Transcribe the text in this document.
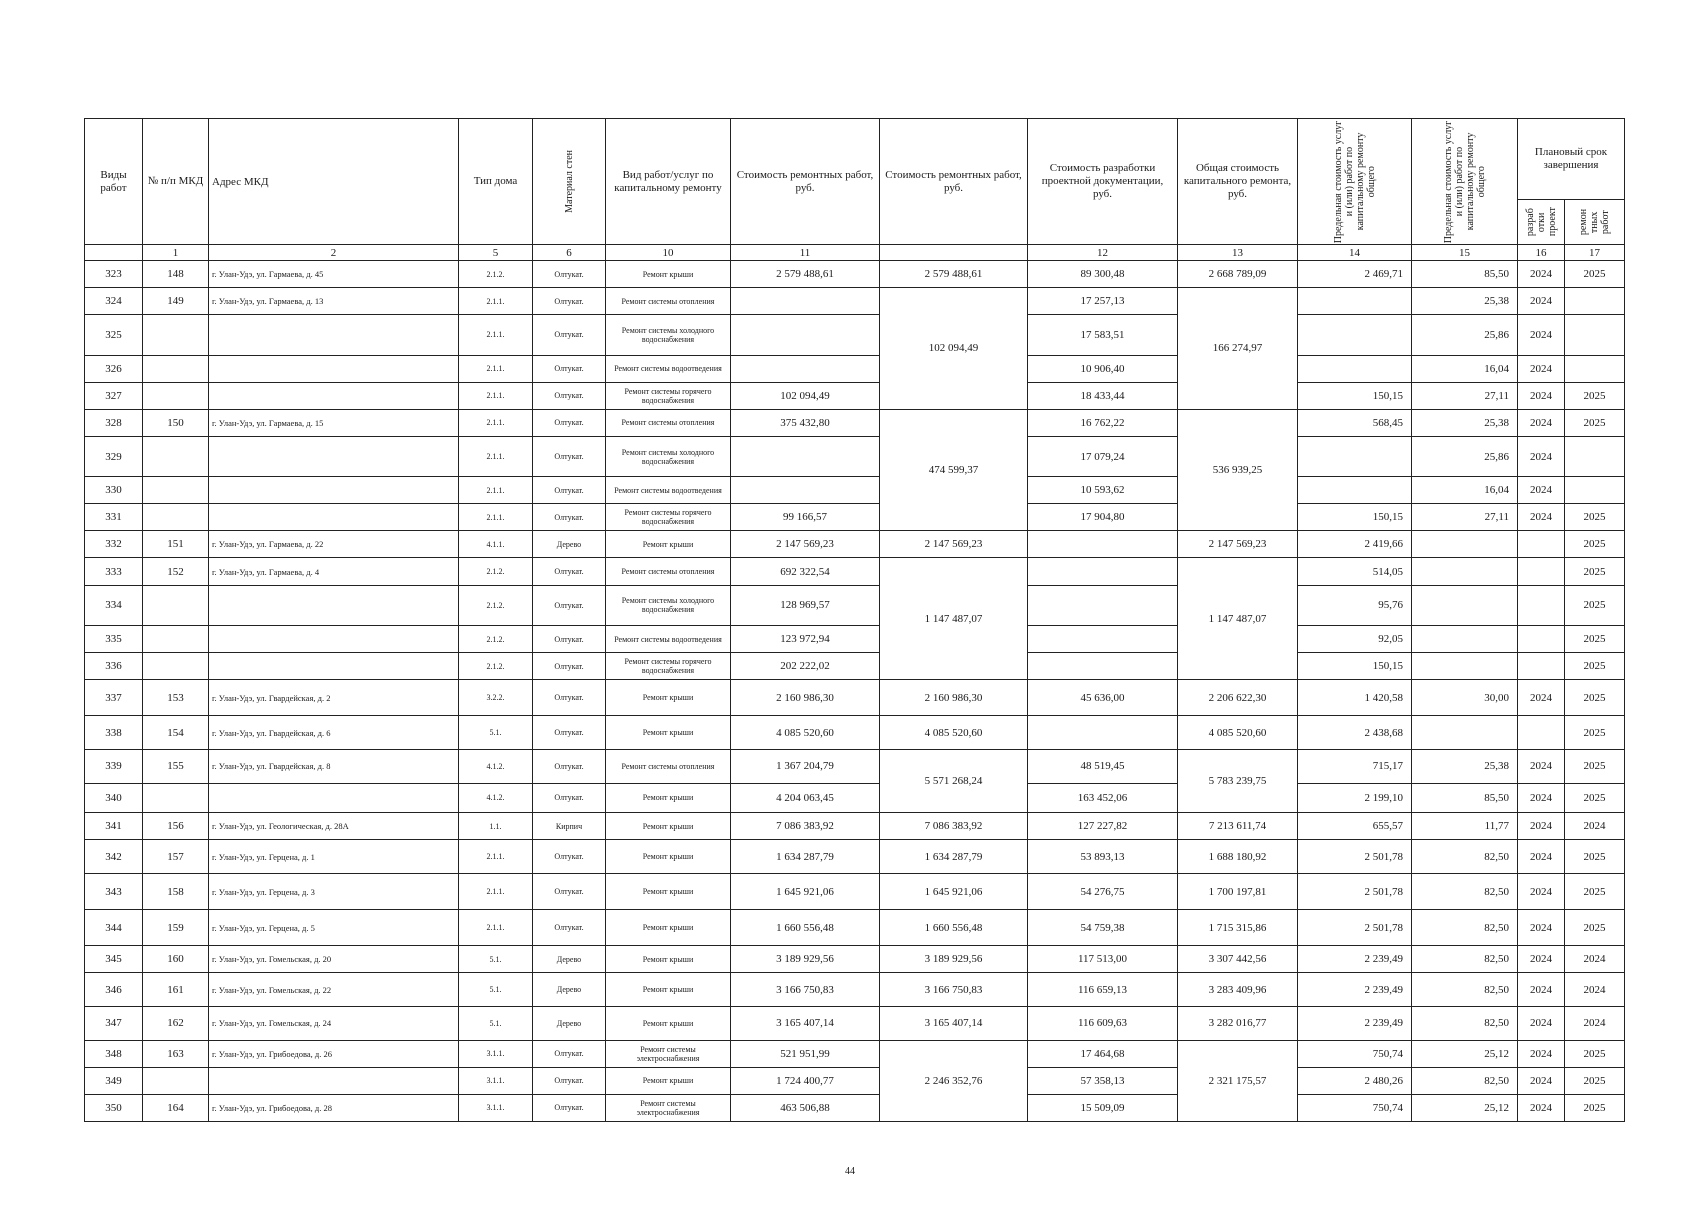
Виды работ	№ п/п МКД	Адрес МКД	Тип дома	Материал стен	Вид работ/услуг по капитальному ремонту	Стоимость ремонтных работ, руб.	Стоимость ремонтных работ, руб.	Стоимость разработки проектной документации, руб.	Общая стоимость капитального ремонта, руб.	Предельная стоимость услуг и (или) работ по капитальному ремонту общего	Предельная стоимость услуг и (или) работ по капитальному ремонту общего	Плановый срок завершения	

												разраб отки проект	ремон тных работ

	1	2	5	6	10	11		12	13	14	15	16	17
323	148	г. Улан-Удэ, ул. Гармаева, д. 45	2.1.2.	Олтукат.	Ремонт крыши	2 579 488,61	2 579 488,61	89 300,48	2 668 789,09	2 469,71	85,50	2024	2025
324	149	г. Улан-Удэ, ул. Гармаева, д. 13	2.1.1.	Олтукат.	Ремонт системы отопления		102 094,49	17 257,13	166 274,97		25,38	2024	
325			2.1.1.	Олтукат.	Ремонт системы холодного водоснабжения			17 583,51			25,86	2024	
326			2.1.1.	Олтукат.	Ремонт системы водоотведения			10 906,40			16,04	2024	
327			2.1.1.	Олтукат.	Ремонт системы горячего водоснабжения	102 094,49		18 433,44		150,15	27,11	2024	2025
328	150	г. Улан-Удэ, ул. Гармаева, д. 15	2.1.1.	Олтукат.	Ремонт системы отопления	375 432,80	474 599,37	16 762,22	536 939,25	568,45	25,38	2024	2025
329			2.1.1.	Олтукат.	Ремонт системы холодного водоснабжения			17 079,24			25,86	2024	
330			2.1.1.	Олтукат.	Ремонт системы водоотведения			10 593,62			16,04	2024	
331			2.1.1.	Олтукат.	Ремонт системы горячего водоснабжения	99 166,57		17 904,80		150,15	27,11	2024	2025
332	151	г. Улан-Удэ, ул. Гармаева, д. 22	4.1.1.	Дерево	Ремонт крыши	2 147 569,23	2 147 569,23		2 147 569,23	2 419,66			2025
333	152	г. Улан-Удэ, ул. Гармаева, д. 4	2.1.2.	Олтукат.	Ремонт системы отопления	692 322,54	1 147 487,07		1 147 487,07	514,05			2025
334			2.1.2.	Олтукат.	Ремонт системы холодного водоснабжения	128 969,57				95,76			2025
335			2.1.2.	Олтукат.	Ремонт системы водоотведения	123 972,94				92,05			2025
336			2.1.2.	Олтукат.	Ремонт системы горячего водоснабжения	202 222,02				150,15			2025
337	153	г. Улан-Удэ, ул. Гвардейская, д. 2	3.2.2.	Олтукат.	Ремонт крыши	2 160 986,30	2 160 986,30	45 636,00	2 206 622,30	1 420,58	30,00	2024	2025
338	154	г. Улан-Удэ, ул. Гвардейская, д. 6	5.1.	Олтукат.	Ремонт крыши	4 085 520,60	4 085 520,60		4 085 520,60	2 438,68			2025
339	155	г. Улан-Удэ, ул. Гвардейская, д. 8	4.1.2.	Олтукат.	Ремонт системы отопления	1 367 204,79	5 571 268,24	48 519,45	5 783 239,75	715,17	25,38	2024	2025
340			4.1.2.	Олтукат.	Ремонт крыши	4 204 063,45		163 452,06		2 199,10	85,50	2024	2025
341	156	г. Улан-Удэ, ул. Геологическая, д. 28А	1.1.	Кирпич	Ремонт крыши	7 086 383,92	7 086 383,92	127 227,82	7 213 611,74	655,57	11,77	2024	2024
342	157	г. Улан-Удэ, ул. Герцена, д. 1	2.1.1.	Олтукат.	Ремонт крыши	1 634 287,79	1 634 287,79	53 893,13	1 688 180,92	2 501,78	82,50	2024	2025
343	158	г. Улан-Удэ, ул. Герцена, д. 3	2.1.1.	Олтукат.	Ремонт крыши	1 645 921,06	1 645 921,06	54 276,75	1 700 197,81	2 501,78	82,50	2024	2025
344	159	г. Улан-Удэ, ул. Герцена, д. 5	2.1.1.	Олтукат.	Ремонт крыши	1 660 556,48	1 660 556,48	54 759,38	1 715 315,86	2 501,78	82,50	2024	2025
345	160	г. Улан-Удэ, ул. Гомельская, д. 20	5.1.	Дерево	Ремонт крыши	3 189 929,56	3 189 929,56	117 513,00	3 307 442,56	2 239,49	82,50	2024	2024
346	161	г. Улан-Удэ, ул. Гомельская, д. 22	5.1.	Дерево	Ремонт крыши	3 166 750,83	3 166 750,83	116 659,13	3 283 409,96	2 239,49	82,50	2024	2024
347	162	г. Улан-Удэ, ул. Гомельская, д. 24	5.1.	Дерево	Ремонт крыши	3 165 407,14	3 165 407,14	116 609,63	3 282 016,77	2 239,49	82,50	2024	2024
348	163	г. Улан-Удэ, ул. Грибоедова, д. 26	3.1.1.	Олтукат.	Ремонт системы электроснабжения	521 951,99	2 246 352,76	17 464,68	2 321 175,57	750,74	25,12	2024	2025
349			3.1.1.	Олтукат.	Ремонт крыши	1 724 400,77		57 358,13		2 480,26	82,50	2024	2025
350	164	г. Улан-Удэ, ул. Грибоедова, д. 28	3.1.1.	Олтукат.	Ремонт системы электроснабжения	463 506,88		15 509,09		750,74	25,12	2024	2025
44
